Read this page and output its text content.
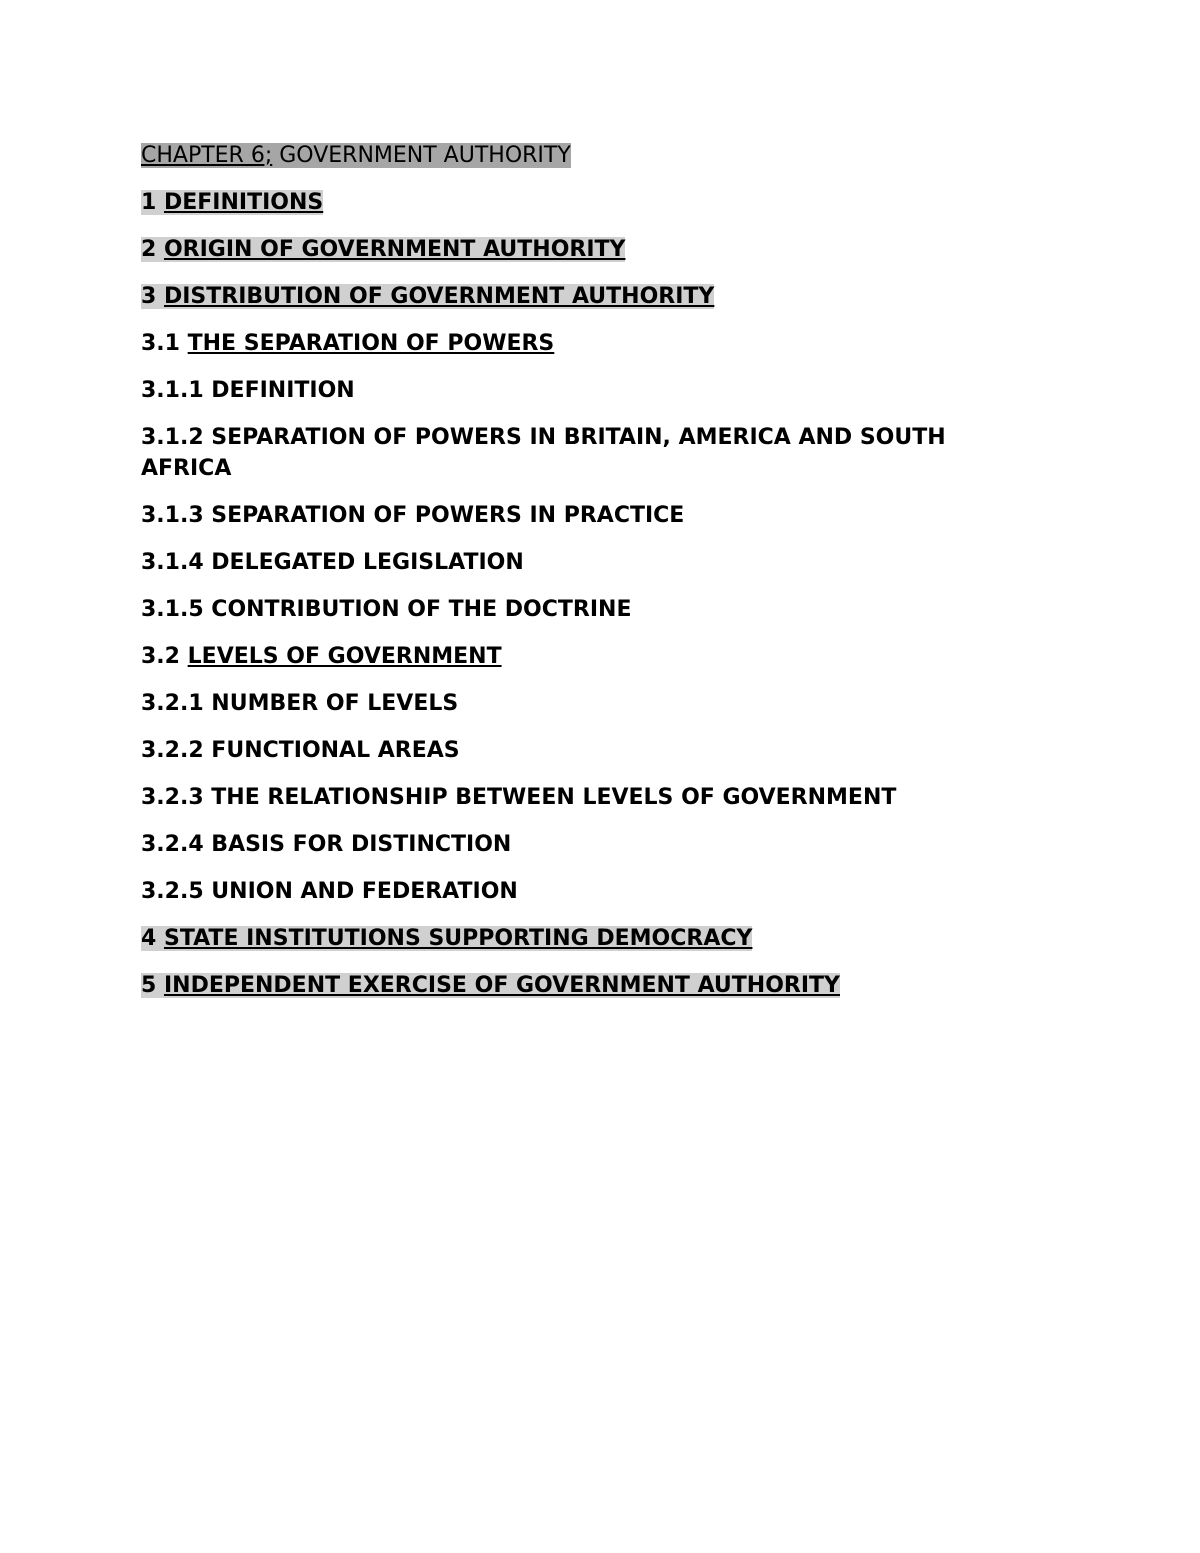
CHAPTER 6; GOVERNMENT AUTHORITY
1 DEFINITIONS
2 ORIGIN OF GOVERNMENT AUTHORITY
3 DISTRIBUTION OF GOVERNMENT AUTHORITY
3.1 THE SEPARATION OF POWERS
3.1.1 DEFINITION
3.1.2 SEPARATION OF POWERS IN BRITAIN, AMERICA AND SOUTH AFRICA
3.1.3 SEPARATION OF POWERS IN PRACTICE
3.1.4 DELEGATED LEGISLATION
3.1.5 CONTRIBUTION OF THE DOCTRINE
3.2 LEVELS OF GOVERNMENT
3.2.1 NUMBER OF LEVELS
3.2.2 FUNCTIONAL AREAS
3.2.3 THE RELATIONSHIP BETWEEN LEVELS OF GOVERNMENT
3.2.4 BASIS FOR DISTINCTION
3.2.5 UNION AND FEDERATION
4 STATE INSTITUTIONS SUPPORTING DEMOCRACY
5 INDEPENDENT EXERCISE OF GOVERNMENT AUTHORITY
